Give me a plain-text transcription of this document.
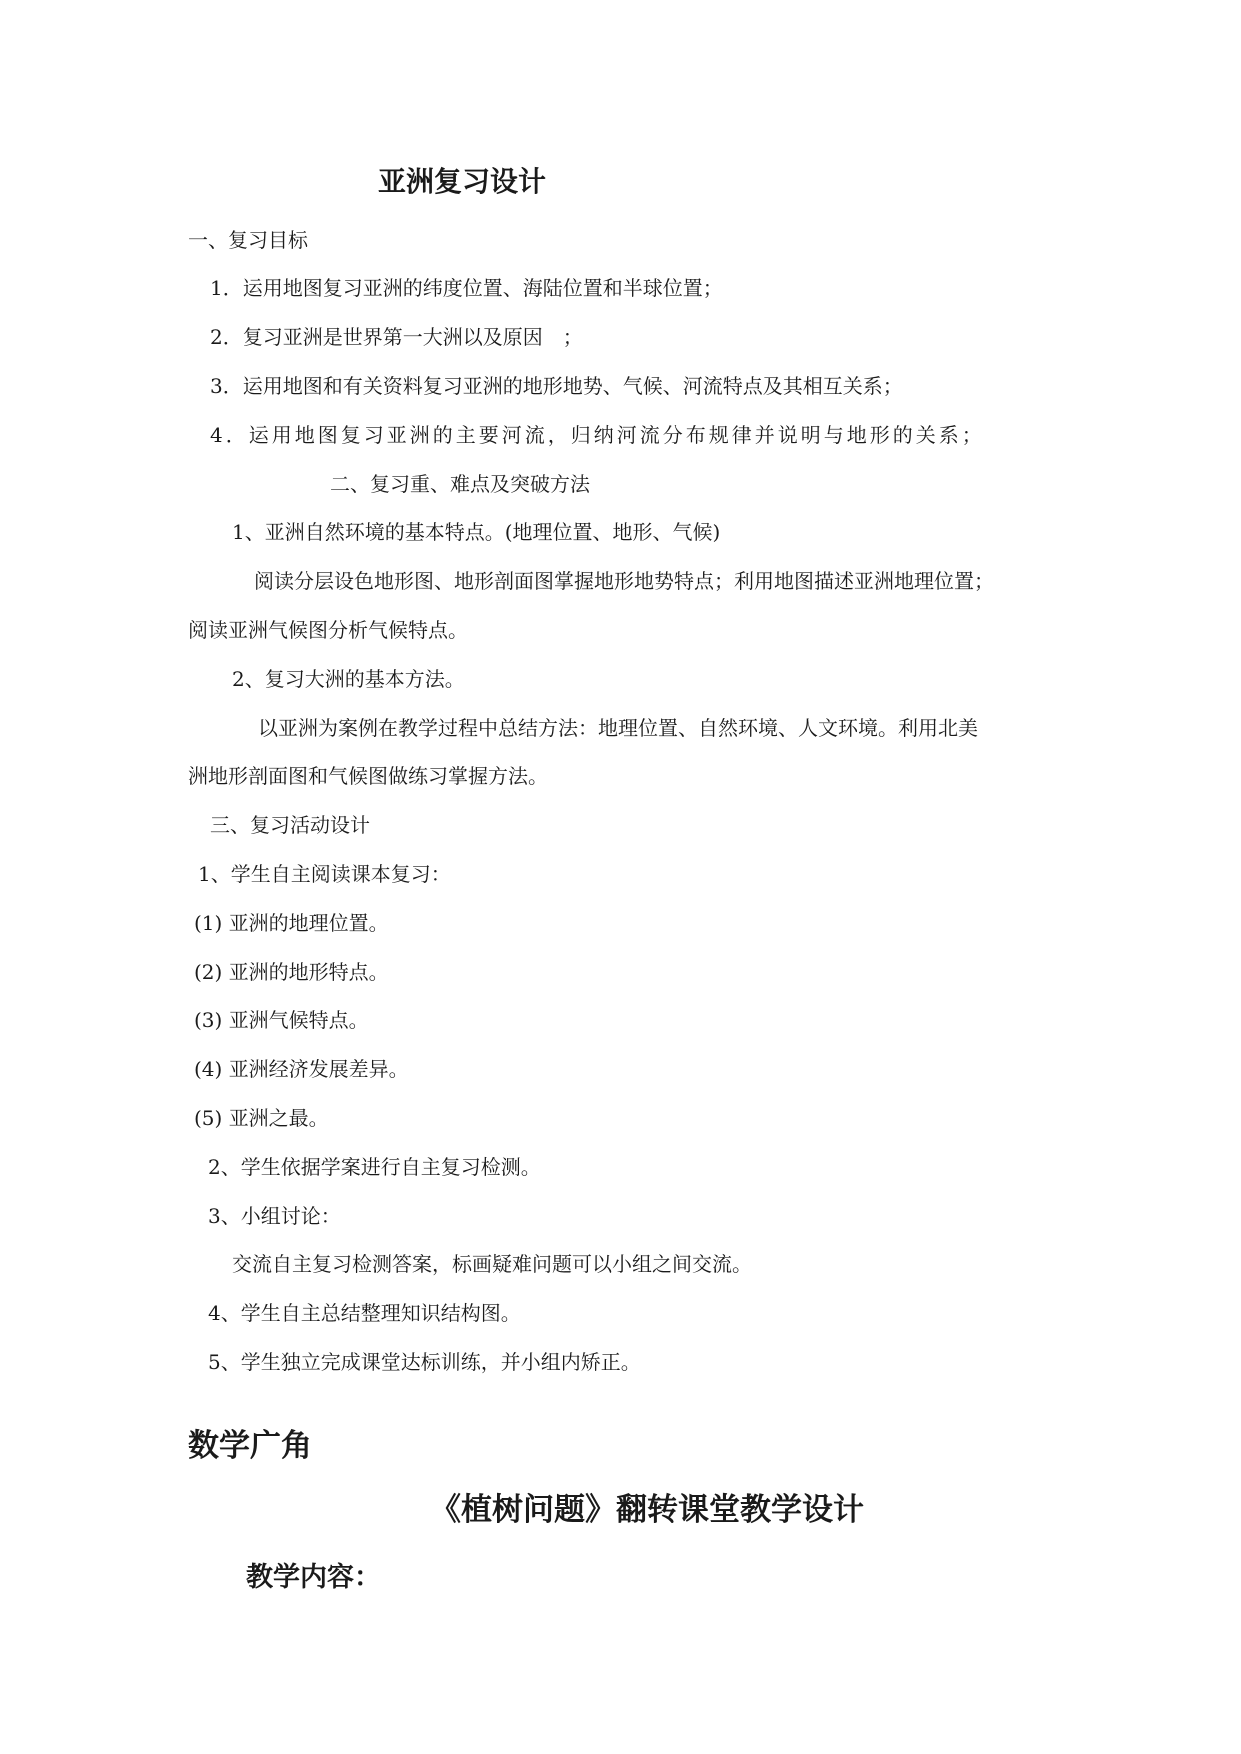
亚洲复习设计
一、复习目标
1．运用地图复习亚洲的纬度位置、海陆位置和半球位置；
2．复习亚洲是世界第一大洲以及原因　；
3．运用地图和有关资料复习亚洲的地形地势、气候、河流特点及其相互关系；
4．运用地图复习亚洲的主要河流，归纳河流分布规律并说明与地形的关系；
二、复习重、难点及突破方法
1、亚洲自然环境的基本特点。(地理位置、地形、气候)
阅读分层设色地形图、地形剖面图掌握地形地势特点；利用地图描述亚洲地理位置；
阅读亚洲气候图分析气候特点。
2、复习大洲的基本方法。
以亚洲为案例在教学过程中总结方法：地理位置、自然环境、人文环境。利用北美
洲地形剖面图和气候图做练习掌握方法。
三、复习活动设计
1、学生自主阅读课本复习：
(1) 亚洲的地理位置。
(2) 亚洲的地形特点。
(3) 亚洲气候特点。
(4) 亚洲经济发展差异。
(5) 亚洲之最。
2、学生依据学案进行自主复习检测。
3、小组讨论：
交流自主复习检测答案，标画疑难问题可以小组之间交流。
4、学生自主总结整理知识结构图。
5、学生独立完成课堂达标训练，并小组内矫正。
数学广角
《植树问题》翻转课堂教学设计
教学内容：
